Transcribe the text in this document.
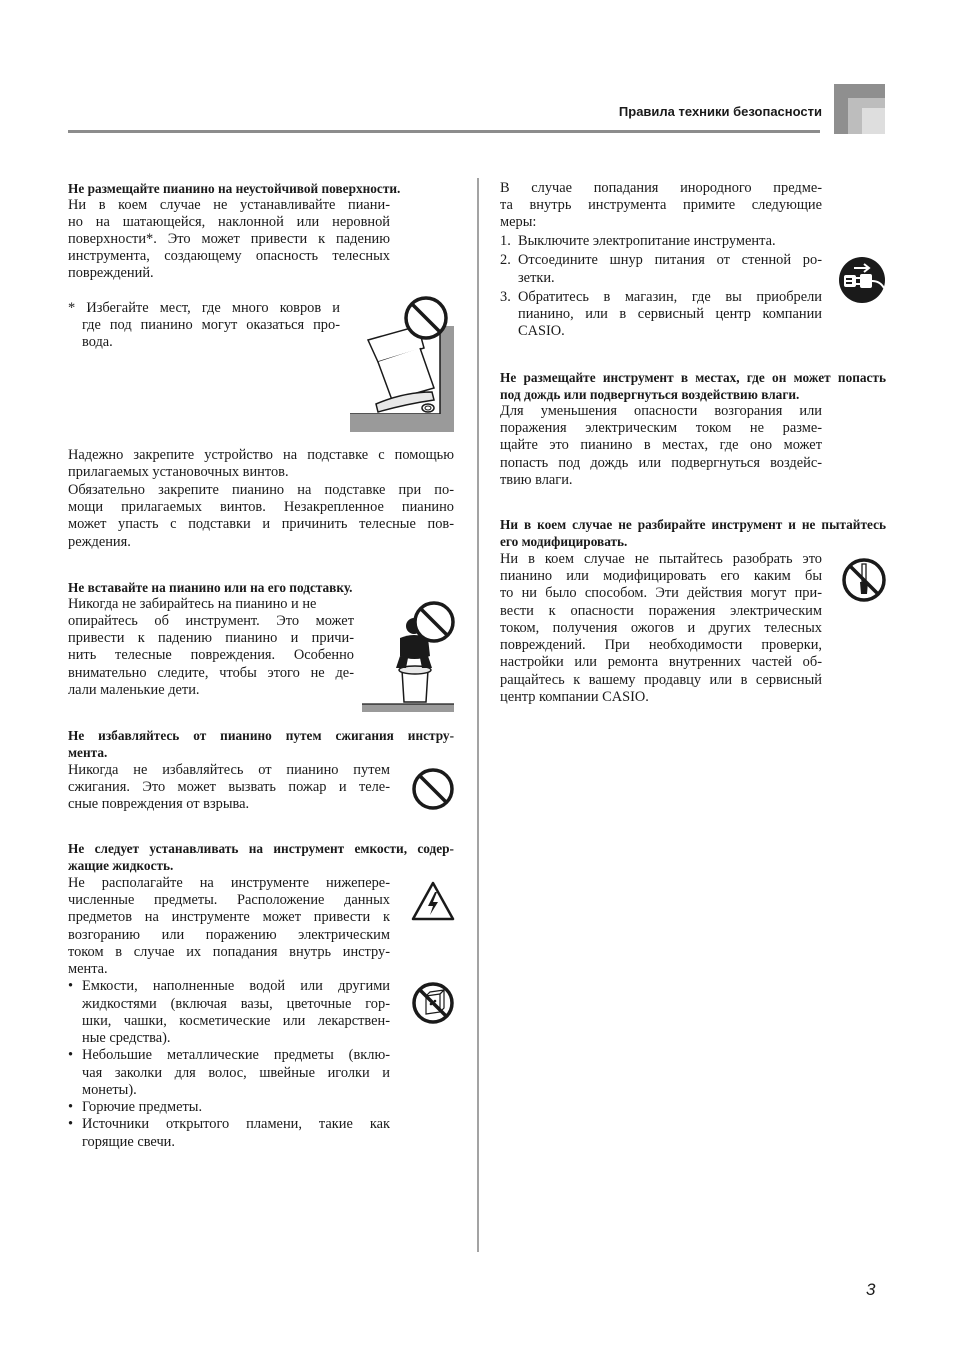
Правила техники безопасности
Не размещайте пианино на неустойчивой поверхности.
Ни в коем случае не устанавливайте пиани-
но на шатающейся, наклонной или неровной
поверхности*. Это может привести к падению
инструмента, создающему опасность телесных
повреждений.
* Избегайте мест, где много ковров и
где под пианино могут оказаться про-
вода.
Надежно закрепите устройство на подставке с помощью
прилагаемых установочных винтов.
Обязательно закрепите пианино на подставке при по-
мощи прилагаемых винтов. Незакрепленное пианино
может упасть с подставки и причинить телесные пов-
реждения.
Не вставайте на пианино или на его подставку.
Никогда не забирайтесь на пианино и не
опирайтесь об инструмент. Это может
привести к падению пианино и причи-
нить телесные повреждения. Особенно
внимательно следите, чтобы этого не де-
лали маленькие дети.
Не избавляйтесь от пианино путем сжигания инстру-
мента.
Никогда не избавляйтесь от пианино путем
сжигания. Это может вызвать пожар и теле-
сные повреждения от взрыва.
Не следует устанавливать на инструмент емкости, содер-
жащие жидкость.
Не располагайте на инструменте нижепере-
численные предметы. Расположение данных
предметов на инструменте может привести к
возгоранию или поражению электрическим
током в случае их попадания внутрь инстру-
мента.
• Емкости, наполненные водой или другими
жидкостями (включая вазы, цветочные гор-
шки, чашки, косметические или лекарствен-
ные средства).
• Небольшие металлические предметы (вклю-
чая заколки для волос, швейные иголки и
монеты).
• Горючие предметы.
• Источники открытого пламени, такие как
горящие свечи.
В случае попадания инородного предме-
та внутрь инструмента примите следующие
меры:
1. Выключите электропитание инструмента.
2. Отсоедините шнур питания от стенной ро-
зетки.
3. Обратитесь в магазин, где вы приобрели
пианино, или в сервисный центр компании
CASIO.
Не размещайте инструмент в местах, где он может попасть
под дождь или подвергнуться воздействию влаги.
Для уменьшения опасности возгорания или
поражения электрическим током не разме-
щайте это пианино в местах, где оно может
попасть под дождь или подвергнуться воздейс-
твию влаги.
Ни в коем случае не разбирайте инструмент и не пытайтесь
его модифицировать.
Ни в коем случае не пытайтесь разобрать это
пианино или модифицировать его каким бы
то ни было способом. Эти действия могут при-
вести к опасности поражения электрическим
током, получения ожогов и других телесных
повреждений. При необходимости проверки,
настройки или ремонта внутренних частей об-
ращайтесь к вашему продавцу или в сервисный
центр компании CASIO.
3
